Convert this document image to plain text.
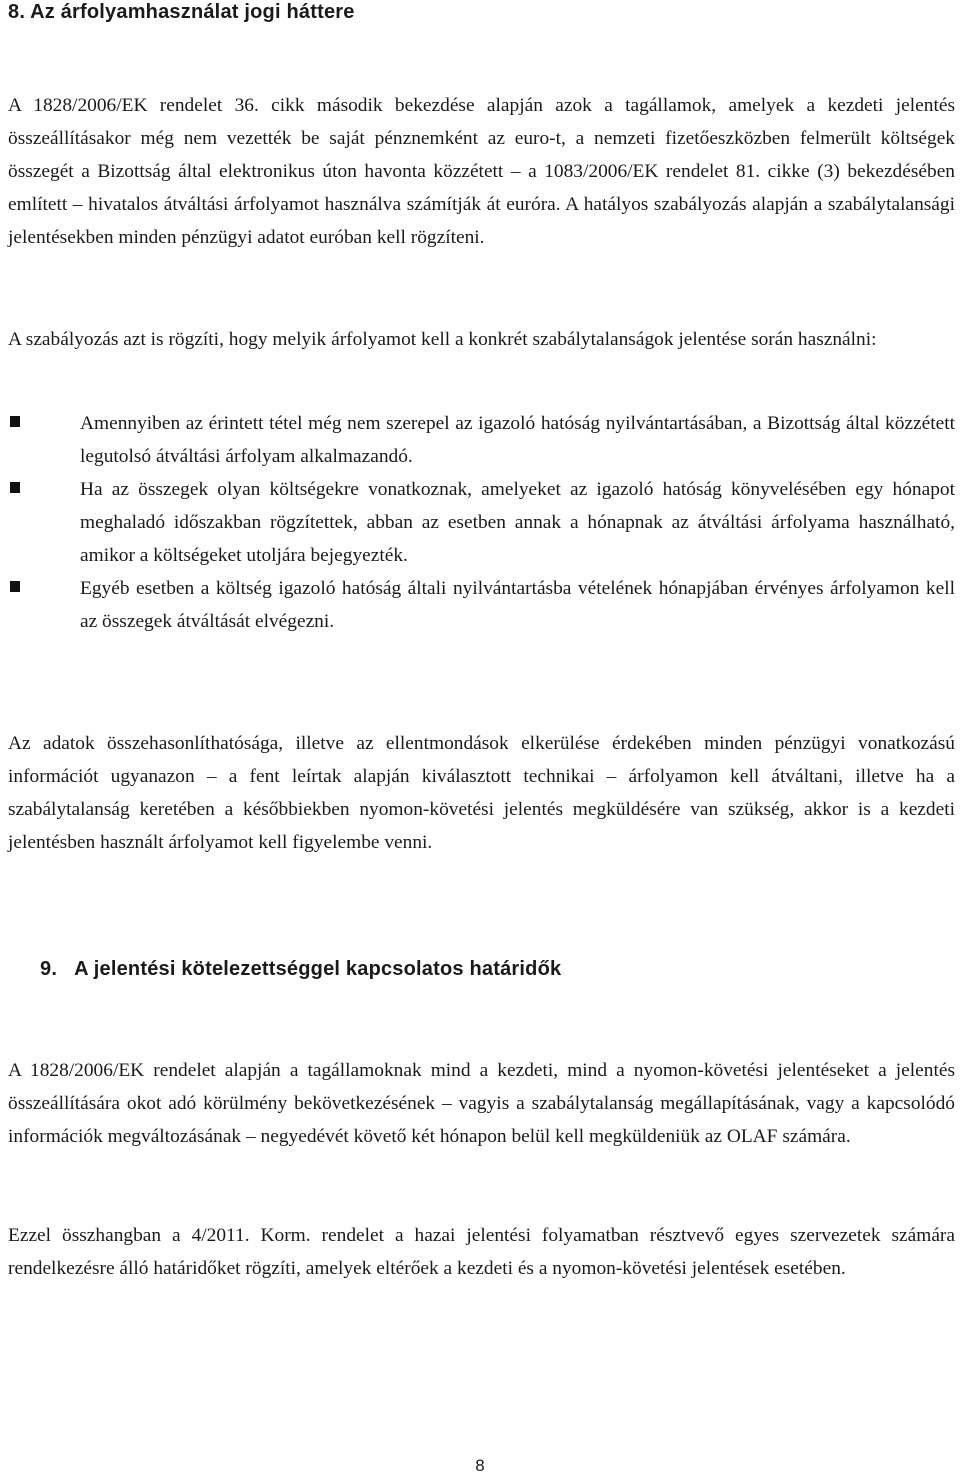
8. Az árfolyamhasználat jogi háttere

A 1828/2006/EK rendelet 36. cikk második bekezdése alapján azok a tagállamok, amelyek a kezdeti jelentés összeállításakor még nem vezették be saját pénznemként az euro-t, a nemzeti fizetőeszközben felmerült költségek összegét a Bizottság által elektronikus úton havonta közzétett – a 1083/2006/EK rendelet 81. cikke (3) bekezdésében említett – hivatalos átváltási árfolyamot használva számítják át euróra. A hatályos szabályozás alapján a szabálytalansági jelentésekben minden pénzügyi adatot euróban kell rögzíteni.

A szabályozás azt is rögzíti, hogy melyik árfolyamot kell a konkrét szabálytalanságok jelentése során használni:

Amennyiben az érintett tétel még nem szerepel az igazoló hatóság nyilvántartásában, a Bizottság által közzétett legutolsó átváltási árfolyam alkalmazandó.
Ha az összegek olyan költségekre vonatkoznak, amelyeket az igazoló hatóság könyvelésében egy hónapot meghaladó időszakban rögzítettek, abban az esetben annak a hónapnak az átváltási árfolyama használható, amikor a költségeket utoljára bejegyezték.
Egyéb esetben a költség igazoló hatóság általi nyilvántartásba vételének hónapjában érvényes árfolyamon kell az összegek átváltását elvégezni.

Az adatok összehasonlíthatósága, illetve az ellentmondások elkerülése érdekében minden pénzügyi vonatkozású információt ugyanazon – a fent leírtak alapján kiválasztott technikai – árfolyamon kell átváltani, illetve ha a szabálytalanság keretében a későbbiekben nyomon-követési jelentés megküldésére van szükség, akkor is a kezdeti jelentésben használt árfolyamot kell figyelembe venni.

9. A jelentési kötelezettséggel kapcsolatos határidők

A 1828/2006/EK rendelet alapján a tagállamoknak mind a kezdeti, mind a nyomon-követési jelentéseket a jelentés összeállítására okot adó körülmény bekövetkezésének – vagyis a szabálytalanság megállapításának, vagy a kapcsolódó információk megváltozásának – negyedévét követő két hónapon belül kell megküldeniük az OLAF számára.

Ezzel összhangban a 4/2011. Korm. rendelet a hazai jelentési folyamatban résztvevő egyes szervezetek számára rendelkezésre álló határidőket rögzíti, amelyek eltérőek a kezdeti és a nyomon-követési jelentések esetében.

8
